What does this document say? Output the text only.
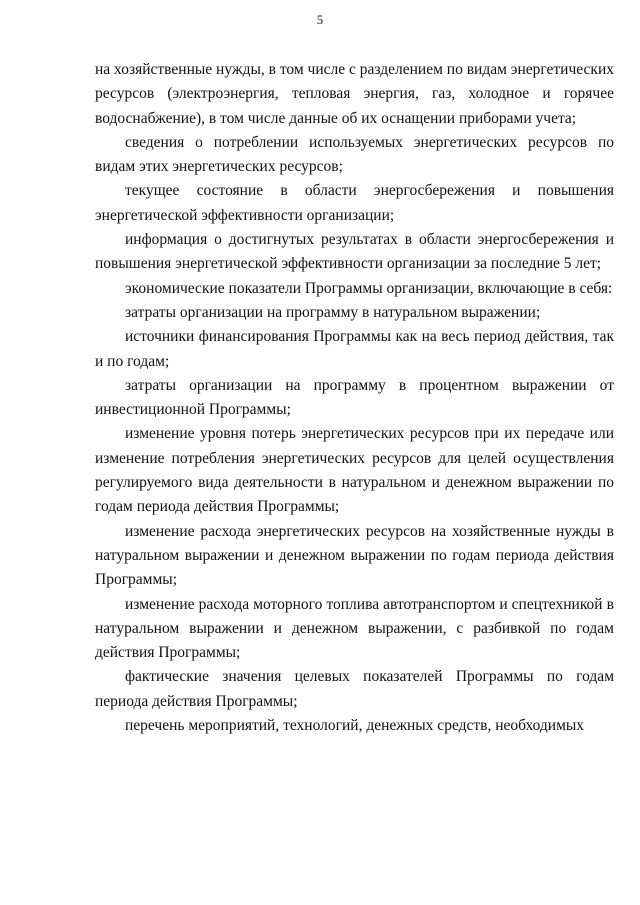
5

на хозяйственные нужды, в том числе с разделением по видам энергетических ресурсов (электроэнергия, тепловая энергия, газ, холодное и горячее водоснабжение), в том числе данные об их оснащении приборами учета;

сведения о потреблении используемых энергетических ресурсов по видам этих энергетических ресурсов;

текущее состояние в области энергосбережения и повышения энергетической эффективности организации;

информация о достигнутых результатах в области энергосбережения и повышения энергетической эффективности организации за последние 5 лет;

экономические показатели Программы организации, включающие в себя:

затраты организации на программу в натуральном выражении;

источники финансирования Программы как на весь период действия, так и по годам;

затраты организации на программу в процентном выражении от инвестиционной Программы;

изменение уровня потерь энергетических ресурсов при их передаче или изменение потребления энергетических ресурсов для целей осуществления регулируемого вида деятельности в натуральном и денежном выражении по годам периода действия Программы;

изменение расхода энергетических ресурсов на хозяйственные нужды в натуральном выражении и денежном выражении по годам периода действия Программы;

изменение расхода моторного топлива автотранспортом и спецтехникой в натуральном выражении и денежном выражении, с разбивкой по годам действия Программы;

фактические значения целевых показателей Программы по годам периода действия Программы;

перечень мероприятий, технологий, денежных средств, необходимых
